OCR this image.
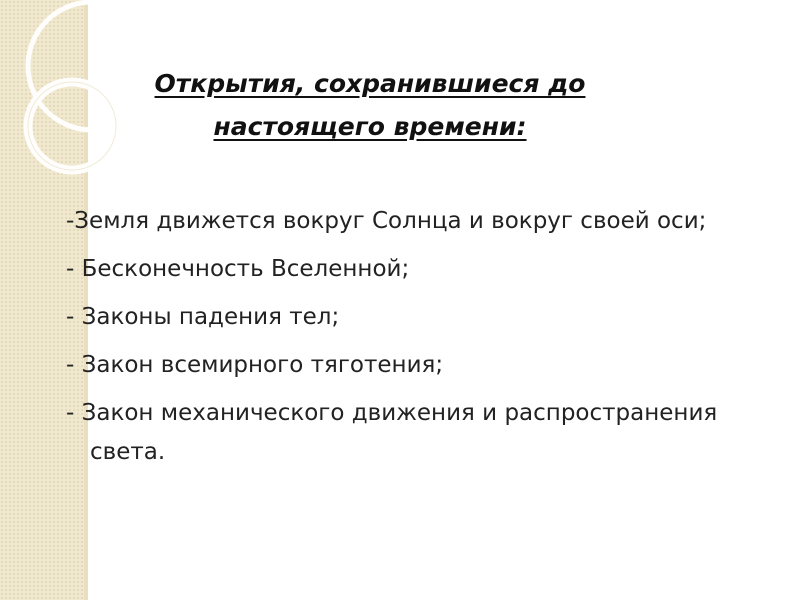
Открытия, сохранившиеся до
настоящего времени:
-Земля движется вокруг Солнца и вокруг своей оси;
- Бесконечность Вселенной;
- Законы падения тел;
- Закон всемирного тяготения;
- Закон механического движения и распространения света.
